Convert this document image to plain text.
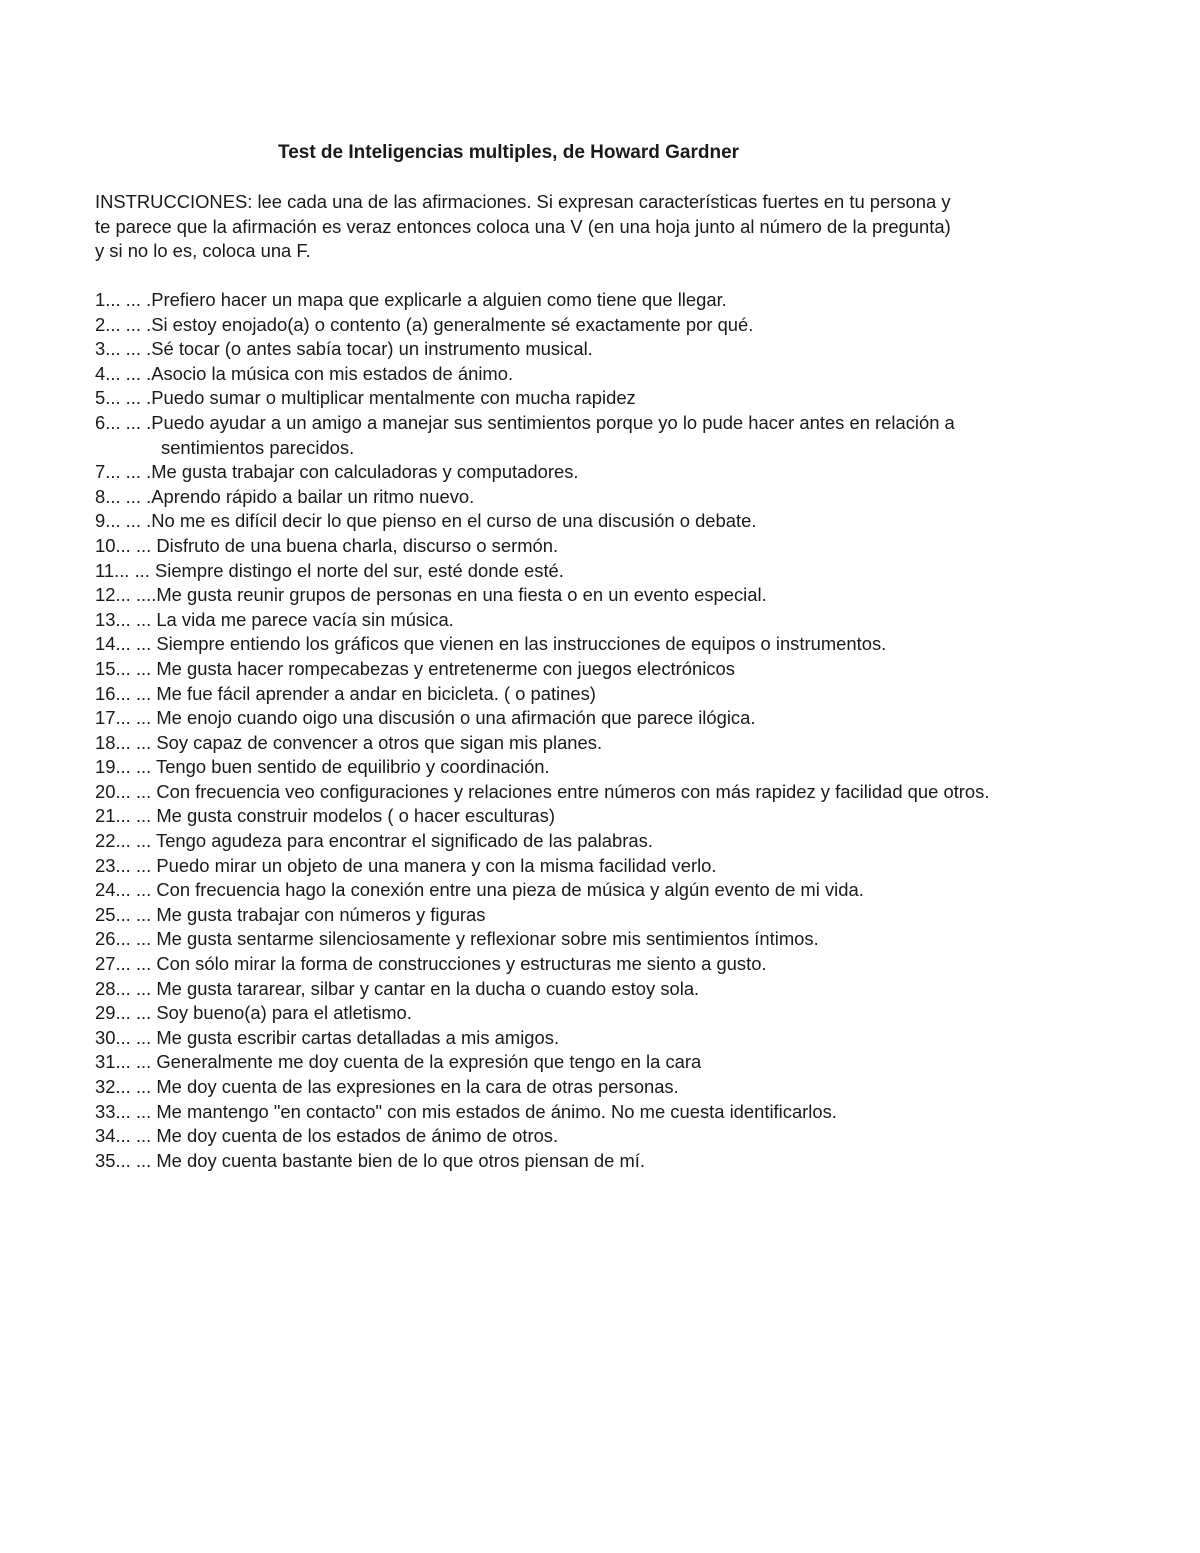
Test de Inteligencias multiples, de Howard Gardner

INSTRUCCIONES: lee cada una de las afirmaciones. Si expresan características fuertes en tu persona y

te parece que la afirmación es veraz entonces coloca una V (en una hoja junto al número de la pregunta)

y si no lo es, coloca una F.

1... ... .Prefiero hacer un mapa que explicarle a alguien como tiene que llegar.
2... ... .Si estoy enojado(a) o contento (a) generalmente sé exactamente por qué.
3... ... .Sé tocar (o antes sabía tocar) un instrumento musical.
4... ... .Asocio la música con mis estados de ánimo.
5... ... .Puedo sumar o multiplicar mentalmente con mucha rapidez
6... ... .Puedo ayudar a un amigo a manejar sus sentimientos porque yo lo pude hacer antes en relación a
sentimientos parecidos.
7... ... .Me gusta trabajar con calculadoras y computadores.
8... ... .Aprendo rápido a bailar un ritmo nuevo.
9... ... .No me es difícil decir lo que pienso en el curso de una discusión o debate.
10... ... Disfruto de una buena charla, discurso o sermón.
11... ... Siempre distingo el norte del sur, esté donde esté.
12... ....Me gusta reunir grupos de personas en una fiesta o en un evento especial.
13... ... La vida me parece vacía sin música.
14... ... Siempre entiendo los gráficos que vienen en las instrucciones de equipos o instrumentos.
15... ... Me gusta hacer rompecabezas y entretenerme con juegos electrónicos
16... ... Me fue fácil aprender a andar en bicicleta. ( o patines)
17... ... Me enojo cuando oigo una discusión o una afirmación que parece ilógica.
18... ... Soy capaz de convencer a otros que sigan mis planes.
19... ... Tengo buen sentido de equilibrio y coordinación.
20... ... Con frecuencia veo configuraciones y relaciones entre números con más rapidez y facilidad que otros.
21... ... Me gusta construir modelos ( o hacer esculturas)
22... ... Tengo agudeza para encontrar el significado de las palabras.
23... ... Puedo mirar un objeto de una manera y con la misma facilidad verlo.
24... ... Con frecuencia hago la conexión entre una pieza de música y algún evento de mi vida.
25... ... Me gusta trabajar con números y figuras
26... ... Me gusta sentarme silenciosamente y reflexionar sobre mis sentimientos íntimos.
27... ... Con sólo mirar la forma de construcciones y estructuras me siento a gusto.
28... ... Me gusta tararear, silbar y cantar en la ducha o cuando estoy sola.
29... ... Soy bueno(a) para el atletismo.
30... ... Me gusta escribir cartas detalladas a mis amigos.
31... ... Generalmente me doy cuenta de la expresión que tengo en la cara
32... ... Me doy cuenta de las expresiones en la cara de otras personas.
33... ... Me mantengo "en contacto" con mis estados de ánimo. No me cuesta identificarlos.
34... ... Me doy cuenta de los estados de ánimo de otros.
35... ... Me doy cuenta bastante bien de lo que otros piensan de mí.
